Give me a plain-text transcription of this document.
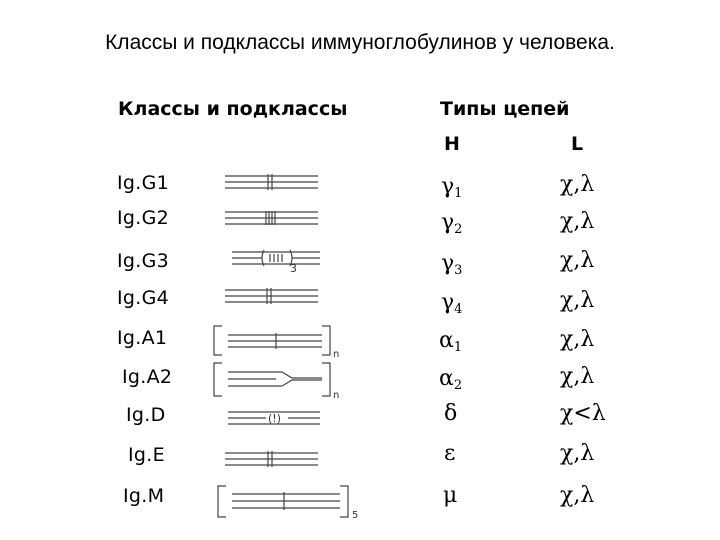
Классы и подклассы иммуноглобулинов у человека.
Классы и подклассы	Типы цепей
H	L
Ig.G1
Ig.G2
Ig.G3
Ig.G4
Ig.A1
Ig.A2
Ig.D
Ig.E
Ig.M
γ1
γ2
γ3
γ4
α1
α2
δ
ε
μ
χ,λ
χ,λ
χ,λ
χ,λ
χ,λ
χ,λ
χ<λ
χ,λ
χ,λ
3
n
n
(!)
5
